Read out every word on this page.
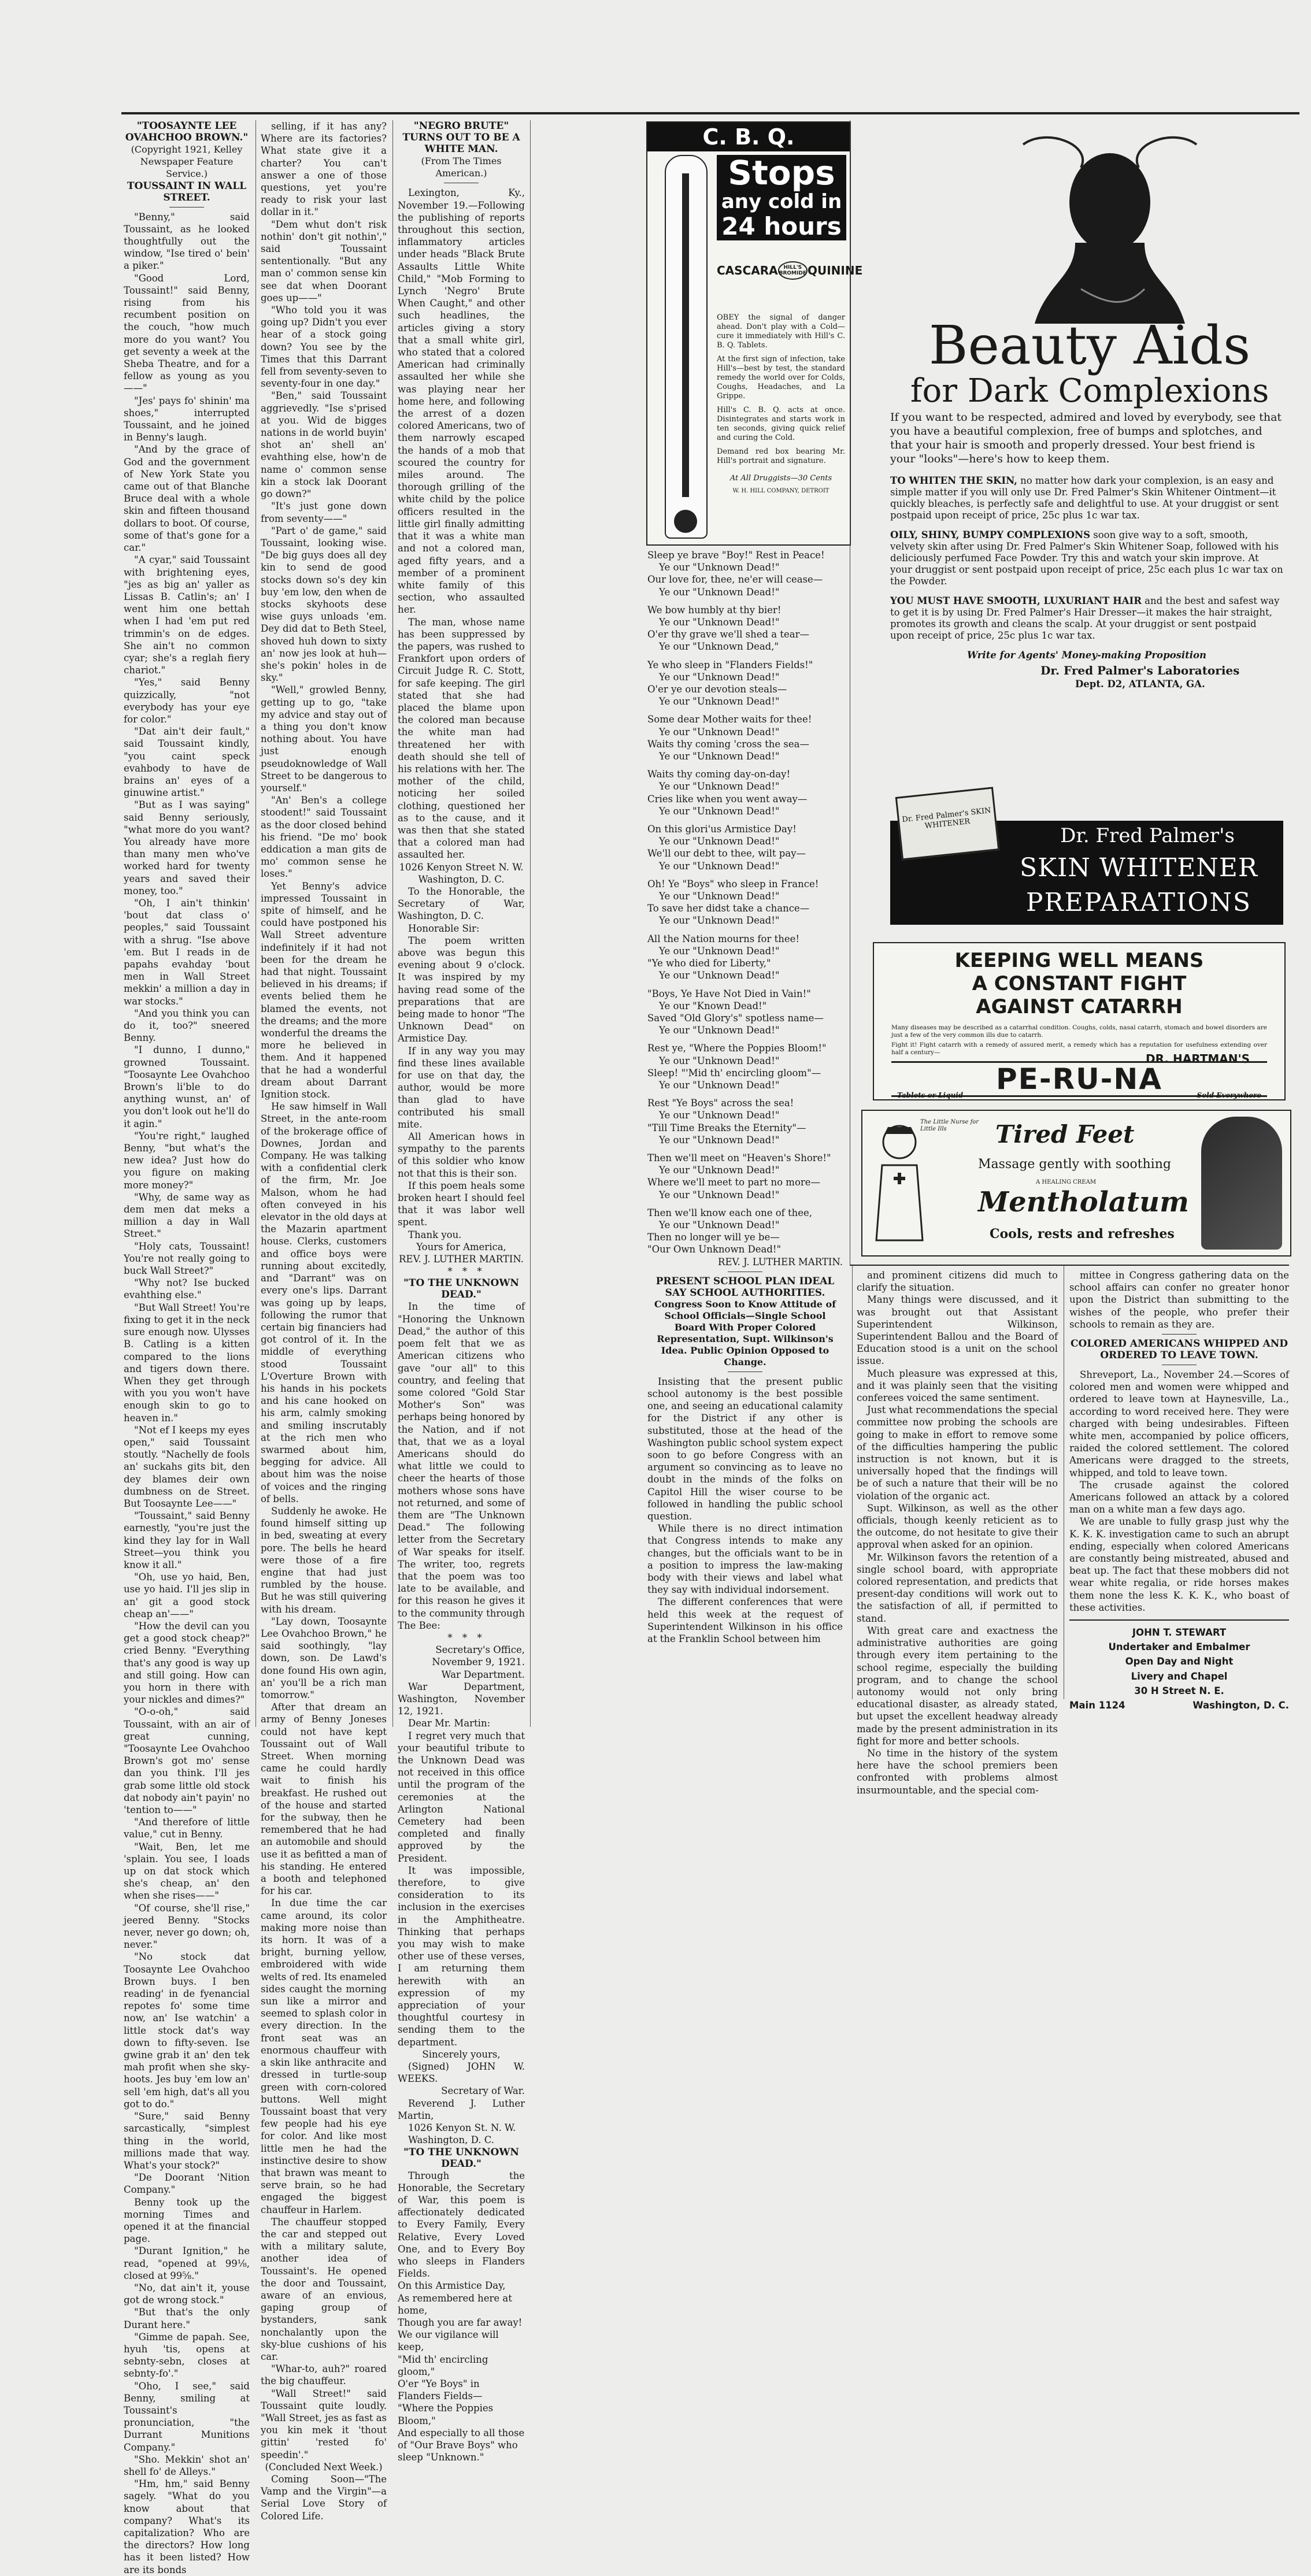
"TOOSAYNTE LEE OVAHCHOO BROWN."

(Copyright 1921, Kelley Newspaper Feature Service.)

TOUSSAINT IN WALL STREET.

"Benny," said Toussaint, as he looked thoughtfully out the window, "Ise tired o' bein' a piker."

"Good Lord, Toussaint!" said Benny, rising from his recumbent position on the couch, "how much more do you want? You get seventy a week at the Sheba Theatre, and for a fellow as young as you——"

"Jes' pays fo' shinin' ma shoes," interrupted Toussaint, and he joined in Benny's laugh.

"And by the grace of God and the government of New York State you came out of that Blanche Bruce deal with a whole skin and fifteen thousand dollars to boot. Of course, some of that's gone for a car."

"A cyar," said Toussaint with brightening eyes, "jes as big an' yaller as Lissas B. Catlin's; an' I went him one bettah when I had 'em put red trimmin's on de edges. She ain't no common cyar; she's a reglah fiery chariot."

"Yes," said Benny quizzically, "not everybody has your eye for color."

"Dat ain't deir fault," said Toussaint kindly, "you caint speck evahbody to have de brains an' eyes of a ginuwine artist."

"But as I was saying" said Benny seriously, "what more do you want? You already have more than many men who've worked hard for twenty years and saved their money, too."

"Oh, I ain't thinkin' 'bout dat class o' peoples," said Toussaint with a shrug. "Ise above 'em. But I reads in de papahs evahday 'bout men in Wall Street mekkin' a million a day in war stocks."

"And you think you can do it, too?" sneered Benny.

"I dunno, I dunno," growned Toussaint. "Toosaynte Lee Ovahchoo Brown's li'ble to do anything wunst, an' of you don't look out he'll do it agin."

"You're right," laughed Benny, "but what's the new idea? Just how do you figure on making more money?"

"Why, de same way as dem men dat meks a million a day in Wall Street."

"Holy cats, Toussaint! You're not really going to buck Wall Street?"

"Why not? Ise bucked evahthing else."

"But Wall Street! You're fixing to get it in the neck sure enough now. Ulysses B. Catling is a kitten compared to the lions and tigers down there. When they get through with you you won't have enough skin to go to heaven in."

"Not ef I keeps my eyes open," said Toussaint stoutly. "Nachelly de fools an' suckahs gits bit, den dey blames deir own dumbness on de Street. But Toosaynte Lee——"

"Toussaint," said Benny earnestly, "you're just the kind they lay for in Wall Street—you think you know it all."

"Oh, use yo haid, Ben, use yo haid. I'll jes slip in an' git a good stock cheap an'——"

"How the devil can you get a good stock cheap?" cried Benny. "Everything that's any good is way up and still going. How can you horn in there with your nickles and dimes?"

"O-o-oh," said Toussaint, with an air of great cunning, "Toosaynte Lee Ovahchoo Brown's got mo' sense dan you think. I'll jes grab some little old stock dat nobody ain't payin' no 'tention to——"

"And therefore of little value," cut in Benny.

"Wait, Ben, let me 'splain. You see, I loads up on dat stock which she's cheap, an' den when she rises——"

"Of course, she'll rise," jeered Benny. "Stocks never, never go down; oh, never."

"No stock dat Toosaynte Lee Ovahchoo Brown buys. I ben reading' in de fyenancial repotes fo' some time now, an' Ise watchin' a little stock dat's way down to fifty-seven. Ise gwine grab it an' den tek mah profit when she sky-hoots. Jes buy 'em low an' sell 'em high, dat's all you got to do."

"Sure," said Benny sarcastically, "simplest thing in the world, millions made that way. What's your stock?"

"De Doorant 'Nition Company."

Benny took up the morning Times and opened it at the financial page.

"Durant Ignition," he read, "opened at 99⅛, closed at 99⅝."

"No, dat ain't it, youse got de wrong stock."

"But that's the only Durant here."

"Gimme de papah. See, hyuh 'tis, opens at sebnty-sebn, closes at sebnty-fo'."

"Oho, I see," said Benny, smiling at Toussaint's pronunciation, "the Durrant Munitions Company."

"Sho. Mekkin' shot an' shell fo' de Alleys."

"Hm, hm," said Benny sagely. "What do you know about that company? What's its capitalization? Who are the directors? How long has it been listed? How are its bonds

selling, if it has any? Where are its factories? What state give it a charter? You can't answer a one of those questions, yet you're ready to risk your last dollar in it."

"Dem whut don't risk nothin' don't git nothin'," said Toussaint sententionally. "But any man o' common sense kin see dat when Doorant goes up——"

"Who told you it was going up? Didn't you ever hear of a stock going down? You see by the Times that this Darrant fell from seventy-seven to seventy-four in one day."

"Ben," said Toussaint aggrievedly. "Ise s'prised at you. Wid de bigges nations in de world buyin' shot an' shell an' evahthing else, how'n de name o' common sense kin a stock lak Doorant go down?"

"It's just gone down from seventy——"

"Part o' de game," said Toussaint, looking wise. "De big guys does all dey kin to send de good stocks down so's dey kin buy 'em low, den when de stocks skyhoots dese wise guys unloads 'em. Dey did dat to Beth Steel, shoved huh down to sixty an' now jes look at huh—she's pokin' holes in de sky."

"Well," growled Benny, getting up to go, "take my advice and stay out of a thing you don't know nothing about. You have just enough pseudoknowledge of Wall Street to be dangerous to yourself."

"An' Ben's a college stoodent!" said Toussaint as the door closed behind his friend. "De mo' book eddication a man gits de mo' common sense he loses."

Yet Benny's advice impressed Toussaint in spite of himself, and he could have postponed his Wall Street adventure indefinitely if it had not been for the dream he had that night. Toussaint believed in his dreams; if events belied them he blamed the events, not the dreams; and the more wonderful the dreams the more he believed in them. And it happened that he had a wonderful dream about Darrant Ignition stock.

He saw himself in Wall Street, in the ante-room of the brokerage office of Downes, Jordan and Company. He was talking with a confidential clerk of the firm, Mr. Joe Malson, whom he had often conveyed in his elevator in the old days at the Mazarin apartment house. Clerks, customers and office boys were running about excitedly, and "Darrant" was on every one's lips. Darrant was going up by leaps, following the rumor that certain big financiers had got control of it. In the middle of everything stood Toussaint L'Overture Brown with his hands in his pockets and his cane hooked on his arm, calmly smoking and smiling inscrutably at the rich men who swarmed about him, begging for advice. All about him was the noise of voices and the ringing of bells.

Suddenly he awoke. He found himself sitting up in bed, sweating at every pore. The bells he heard were those of a fire engine that had just rumbled by the house. But he was still quivering with his dream.

"Lay down, Toosaynte Lee Ovahchoo Brown," he said soothingly, "lay down, son. De Lawd's done found His own agin, an' you'll be a rich man tomorrow."

After that dream an army of Benny Joneses could not have kept Toussaint out of Wall Street. When morning came he could hardly wait to finish his breakfast. He rushed out of the house and started for the subway, then he remembered that he had an automobile and should use it as befitted a man of his standing. He entered a booth and telephoned for his car.

In due time the car came around, its color making more noise than its horn. It was of a bright, burning yellow, embroidered with wide welts of red. Its enameled sides caught the morning sun like a mirror and seemed to splash color in every direction. In the front seat was an enormous chauffeur with a skin like anthracite and dressed in turtle-soup green with corn-colored buttons. Well might Toussaint boast that very few people had his eye for color. And like most little men he had the instinctive desire to show that brawn was meant to serve brain, so he had engaged the biggest chauffeur in Harlem.

The chauffeur stopped the car and stepped out with a military salute, another idea of Toussaint's. He opened the door and Toussaint, aware of an envious, gaping group of bystanders, sank nonchalantly upon the sky-blue cushions of his car.

"Whar-to, auh?" roared the big chauffeur.

"Wall Street!" said Toussaint quite loudly. "Wall Street, jes as fast as you kin mek it 'thout gittin' 'rested fo' speedin'."

(Concluded Next Week.)

Coming Soon—"The Vamp and the Virgin"—a Serial Love Story of Colored Life.

"NEGRO BRUTE" TURNS OUT TO BE A WHITE MAN.

(From The Times American.)

Lexington, Ky., November 19.—Following the publishing of reports throughout this section, inflammatory articles under heads "Black Brute Assaults Little White Child," "Mob Forming to Lynch 'Negro' Brute When Caught," and other such headlines, the articles giving a story that a small white girl, who stated that a colored American had criminally assaulted her while she was playing near her home here, and following the arrest of a dozen colored Americans, two of them narrowly escaped the hands of a mob that scoured the country for miles around. The thorough grilling of the white child by the police officers resulted in the little girl finally admitting that it was a white man and not a colored man, aged fifty years, and a member of a prominent white family of this section, who assaulted her.

The man, whose name has been suppressed by the papers, was rushed to Frankfort upon orders of Circuit Judge R. C. Stott, for safe keeping. The girl stated that she had placed the blame upon the colored man because the white man had threatened her with death should she tell of his relations with her. The mother of the child, noticing her soiled clothing, questioned her as to the cause, and it was then that she stated that a colored man had assaulted her.

1026 Kenyon Street N. W.

Washington, D. C.

To the Honorable, the Secretary of War, Washington, D. C.

Honorable Sir:

The poem written above was begun this evening about 9 o'clock. It was inspired by my having read some of the preparations that are being made to honor "The Unknown Dead" on Armistice Day.

If in any way you may find these lines available for use on that day, the author, would be more than glad to have contributed his small mite.

All American hows in sympathy to the parents of this soldier who know not that this is their son.

If this poem heals some broken heart I should feel that it was labor well spent.

Thank you.

Yours for America,

REV. J. LUTHER MARTIN.

* * *

"TO THE UNKNOWN DEAD."

In the time of "Honoring the Unknown Dead," the author of this poem felt that we as American citizens who gave "our all" to this country, and feeling that some colored "Gold Star Mother's Son" was perhaps being honored by the Nation, and if not that, that we as a loyal Americans should do what little we could to cheer the hearts of those mothers whose sons have not returned, and some of them are "The Unknown Dead." The following letter from the Secretary of War speaks for itself. The writer, too, regrets that the poem was too late to be available, and for this reason he gives it to the community through The Bee:

* * *

Secretary's Office,

November 9, 1921.

War Department.

War Department, Washington, November 12, 1921.

Dear Mr. Martin:

I regret very much that your beautiful tribute to the Unknown Dead was not received in this office until the program of the ceremonies at the Arlington National Cemetery had been completed and finally approved by the President.

It was impossible, therefore, to give consideration to its inclusion in the exercises in the Amphitheatre. Thinking that perhaps you may wish to make other use of these verses, I am returning them herewith with an expression of my appreciation of your thoughtful courtesy in sending them to the department.

Sincerely yours,

(Signed) JOHN W. WEEKS.

Secretary of War.

Reverend J. Luther Martin,

1026 Kenyon St. N. W.

Washington, D. C.

"TO THE UNKNOWN DEAD."

Through the Honorable, the Secretary of War, this poem is affectionately dedicated to Every Family, Every Relative, Every Loved One, and to Every Boy who sleeps in Flanders Fields.

On this Armistice Day,

As remembered here at home,

Though you are far away!

We our vigilance will keep,

"Mid th' encircling gloom,"

O'er "Ye Boys" in Flanders Fields—

"Where the Poppies Bloom,"

And especially to all those of "Our Brave Boys" who sleep "Unknown."

C. B. Q.
Stops
any cold in
24 hours
CASCARA	HILL'S BROMIDE QUININE

OBEY the signal of danger ahead. Don't play with a Cold—cure it immediately with Hill's C. B. Q. Tablets.

At the first sign of infection, take Hill's—best by test, the standard remedy the world over for Colds, Coughs, Headaches, and La Grippe.

Hill's C. B. Q. acts at once. Disintegrates and starts work in ten seconds, giving quick relief and curing the Cold.

Demand red box bearing Mr. Hill's portrait and signature.

At All Druggists—30 Cents

W. H. HILL COMPANY, DETROIT

Beauty Aids
for Dark Complexions

If you want to be respected, admired and loved by everybody, see that you have a beautiful complexion, free of bumps and splotches, and that your hair is smooth and properly dressed. Your best friend is your "looks"—here's how to keep them.

TO WHITEN THE SKIN, no matter how dark your complexion, is an easy and simple matter if you will only use Dr. Fred Palmer's Skin Whitener Ointment—it quickly bleaches, is perfectly safe and delightful to use. At your druggist or sent postpaid upon receipt of price, 25c plus 1c war tax.

OILY, SHINY, BUMPY COMPLEXIONS soon give way to a soft, smooth, velvety skin after using Dr. Fred Palmer's Skin Whitener Soap, followed with his deliciously perfumed Face Powder. Try this and watch your skin improve. At your druggist or sent postpaid upon receipt of price, 25c each plus 1c war tax on the Powder.

YOU MUST HAVE SMOOTH, LUXURIANT HAIR and the best and safest way to get it is by using Dr. Fred Palmer's Hair Dresser—it makes the hair straight, promotes its growth and cleans the scalp. At your druggist or sent postpaid upon receipt of price, 25c plus 1c war tax.

Write for Agents' Money-making Proposition

Dr. Fred Palmer's Laboratories

Dept. D2, ATLANTA, GA.

Dr. Fred Palmer's SKIN WHITENER
Dr. Fred Palmer's
SKIN WHITENER
PREPARATIONS
KEEPING WELL MEANS
A CONSTANT FIGHT
AGAINST CATARRH

Many diseases may be described as a catarrhal condition. Coughs, colds, nasal catarrh, stomach and bowel disorders are just a few of the very common ills due to catarrh.

Fight it! Fight catarrh with a remedy of assured merit, a remedy which has a reputation for usefulness extending over half a century—	DR. HARTMAN'S
PE-RU-NA
Tablets or Liquid	Sold Everywhere
The Little Nurse for Little Ills	Tired Feet
Massage gently with soothing
A HEALING CREAM
Mentholatum
Cools, rests and refreshes

Sleep ye brave "Boy!" Rest in Peace!

Ye our "Unknown Dead!"

Our love for, thee, ne'er will cease—

Ye our "Unknown Dead!"

We bow humbly at thy bier!

Ye our "Unknown Dead!"

O'er thy grave we'll shed a tear—

Ye our "Unknown Dead,"

Ye who sleep in "Flanders Fields!"

Ye our "Unknown Dead!"

O'er ye our devotion steals—

Ye our "Unknown Dead!"

Some dear Mother waits for thee!

Ye our "Unknown Dead!"

Waits thy coming 'cross the sea—

Ye our "Unknown Dead!"

Waits thy coming day-on-day!

Ye our "Unknown Dead!"

Cries like when you went away—

Ye our "Unknown Dead!"

On this glori'us Armistice Day!

Ye our "Unknown Dead!"

We'll our debt to thee, wilt pay—

Ye our "Unknown Dead!"

Oh! Ye "Boys" who sleep in France!

Ye our "Unknown Dead!"

To save her didst take a chance—

Ye our "Unknown Dead!"

All the Nation mourns for thee!

Ye our "Unknown Dead!"

"Ye who died for Liberty,"

Ye our "Unknown Dead!"

"Boys, Ye Have Not Died in Vain!"

Ye our "Known Dead!"

Saved "Old Glory's" spotless name—

Ye our "Unknown Dead!"

Rest ye, "Where the Poppies Bloom!"

Ye our "Unknown Dead!"

Sleep! "'Mid th' encircling gloom"—

Ye our "Unknown Dead!"

Rest "Ye Boys" across the sea!

Ye our "Unknown Dead!"

"Till Time Breaks the Eternity"—

Ye our "Unknown Dead!"

Then we'll meet on "Heaven's Shore!"

Ye our "Unknown Dead!"

Where we'll meet to part no more—

Ye our "Unknown Dead!"

Then we'll know each one of thee,

Ye our "Unknown Dead!"

Then no longer will ye be—

"Our Own Unknown Dead!"

REV. J. LUTHER MARTIN.

PRESENT SCHOOL PLAN IDEAL SAY SCHOOL AUTHORITIES.

Congress Soon to Know Attitude of School Officials—Single School Board With Proper Colored Representation, Supt. Wilkinson's Idea. Public Opinion Opposed to Change.

Insisting that the present public school autonomy is the best possible one, and seeing an educational calamity for the District if any other is substituted, those at the head of the Washington public school system expect soon to go before Congress with an argument so convincing as to leave no doubt in the minds of the folks on Capitol Hill the wiser course to be followed in handling the public school question.

While there is no direct intimation that Congress intends to make any changes, but the officials want to be in a position to impress the law-making body with their views and label what they say with individual indorsement.

The different conferences that were held this week at the request of Superintendent Wilkinson in his office at the Franklin School between him

and prominent citizens did much to clarify the situation.

Many things were discussed, and it was brought out that Assistant Superintendent Wilkinson, Superintendent Ballou and the Board of Education stood is a unit on the school issue.

Much pleasure was expressed at this, and it was plainly seen that the visiting conferees voiced the same sentiment.

Just what recommendations the special committee now probing the schools are going to make in effort to remove some of the difficulties hampering the public instruction is not known, but it is universally hoped that the findings will be of such a nature that their will be no violation of the organic act.

Supt. Wilkinson, as well as the other officials, though keenly reticient as to the outcome, do not hesitate to give their approval when asked for an opinion.

Mr. Wilkinson favors the retention of a single school board, with appropriate colored representation, and predicts that present-day conditions will work out to the satisfaction of all, if permitted to stand.

With great care and exactness the administrative authorities are going through every item pertaining to the school regime, especially the building program, and to change the school autonomy would not only bring educational disaster, as already stated, but upset the excellent headway already made by the present administration in its fight for more and better schools.

No time in the history of the system here have the school premiers been confronted with problems almost insurmountable, and the special com-

mittee in Congress gathering data on the school affairs can confer no greater honor upon the District than submitting to the wishes of the people, who prefer their schools to remain as they are.

COLORED AMERICANS WHIPPED AND ORDERED TO LEAVE TOWN.

Shreveport, La., November 24.—Scores of colored men and women were whipped and ordered to leave town at Haynesville, La., according to word received here. They were charged with being undesirables. Fifteen white men, accompanied by police officers, raided the colored settlement. The colored Americans were dragged to the streets, whipped, and told to leave town.

The crusade against the colored Americans followed an attack by a colored man on a white man a few days ago.

We are unable to fully grasp just why the K. K. K. investigation came to such an abrupt ending, especially when colored Americans are constantly being mistreated, abused and beat up. The fact that these mobbers did not wear white regalia, or ride horses makes them none the less K. K. K., who boast of these activities.

JOHN T. STEWART

Undertaker and Embalmer

Open Day and Night

Livery and Chapel

30 H Street N. E.

Main 1124	Washington, D. C.
